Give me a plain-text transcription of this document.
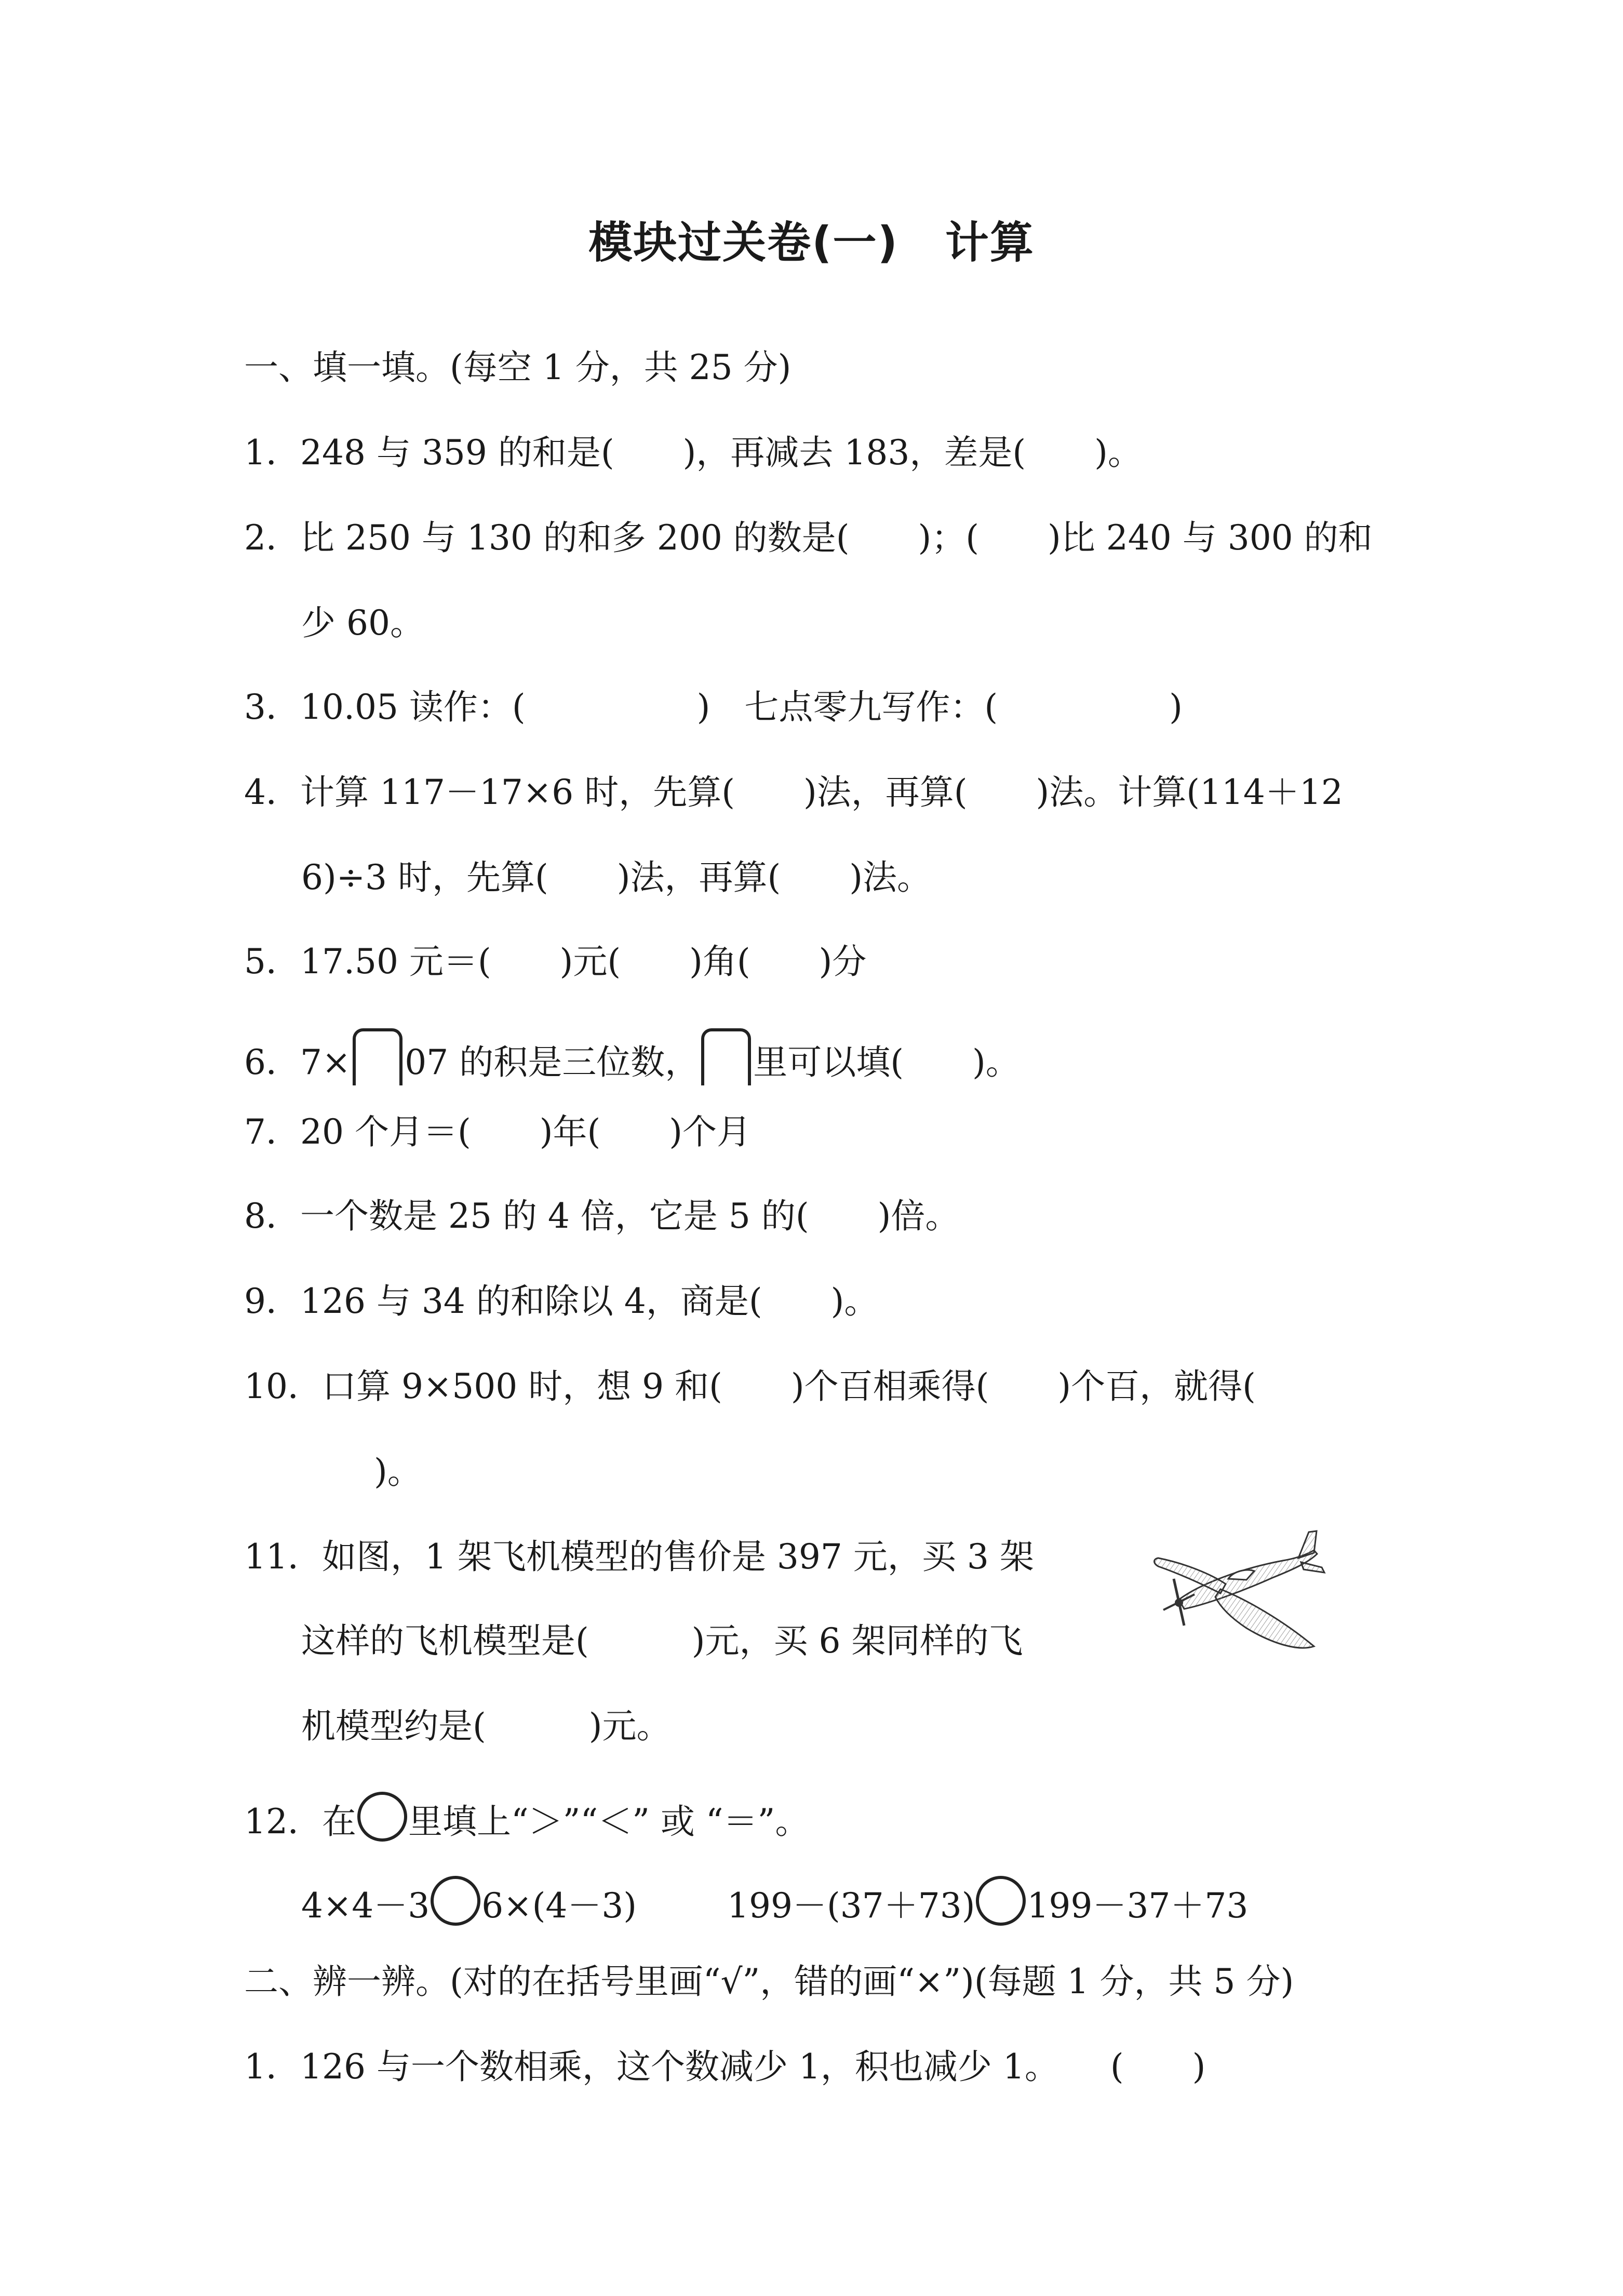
模块过关卷(一) 计算
一、填一填。(每空 1 分，共 25 分)
1．248 与 359 的和是(　　)，再减去 183，差是(　　)。
2．比 250 与 130 的和多 200 的数是(　　)；(　　)比 240 与 300 的和
少 60。
3．10.05 读作：(　　　　　)　七点零九写作：(　　　　　)
4．计算 117－17×6 时，先算(　　)法，再算(　　)法。计算(114＋12
6)÷3 时，先算(　　)法，再算(　　)法。
5．17.50 元＝(　　)元(　　)角(　　)分
6．7× 07 的积是三位数， 里可以填(　　)。
7．20 个月＝(　　)年(　　)个月
8．一个数是 25 的 4 倍，它是 5 的(　　)倍。
9．126 与 34 的和除以 4，商是(　　)。
10．口算 9×500 时，想 9 和(　　)个百相乘得(　　)个百，就得(
)。
11．如图，1 架飞机模型的售价是 397 元，买 3 架
这样的飞机模型是(　　　)元，买 6 架同样的飞
机模型约是(　　　)元。
12．在 里填上“＞”“＜” 或 “＝”。
4×4－3 6×(4－3)	199－(37＋73) 199－37＋73
二、辨一辨。(对的在括号里画“√”，错的画“×”)(每题 1 分，共 5 分)
1．126 与一个数相乘，这个数减少 1，积也减少 1。　　(　　)
